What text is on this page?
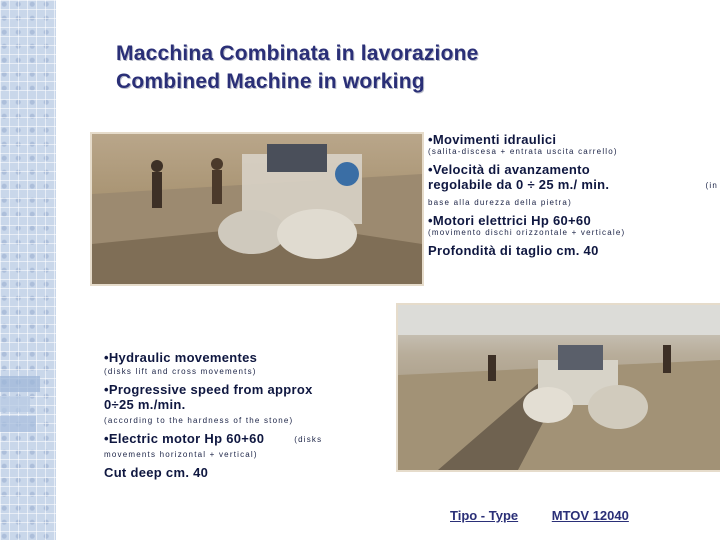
Macchina Combinata in lavorazione
Combined Machine in working
•Movimenti idraulici
(salita-discesa + entrata uscita carrello)
•Velocità di avanzamento
regolabile da 0 ÷ 25 m./ min.	(in
base alla durezza della pietra)
•Motori elettrici Hp 60+60
(movimento dischi orizzontale + verticale)
Profondità di taglio cm. 40
•Hydraulic movementes
(disks lift and cross movements)
•Progressive speed from approx
0÷25 m./min.
(according to the hardness of the stone)
•Electric motor Hp 60+60	(disks
movements horizontal + vertical)
Cut deep cm. 40
Tipo - Type	MTOV 12040
